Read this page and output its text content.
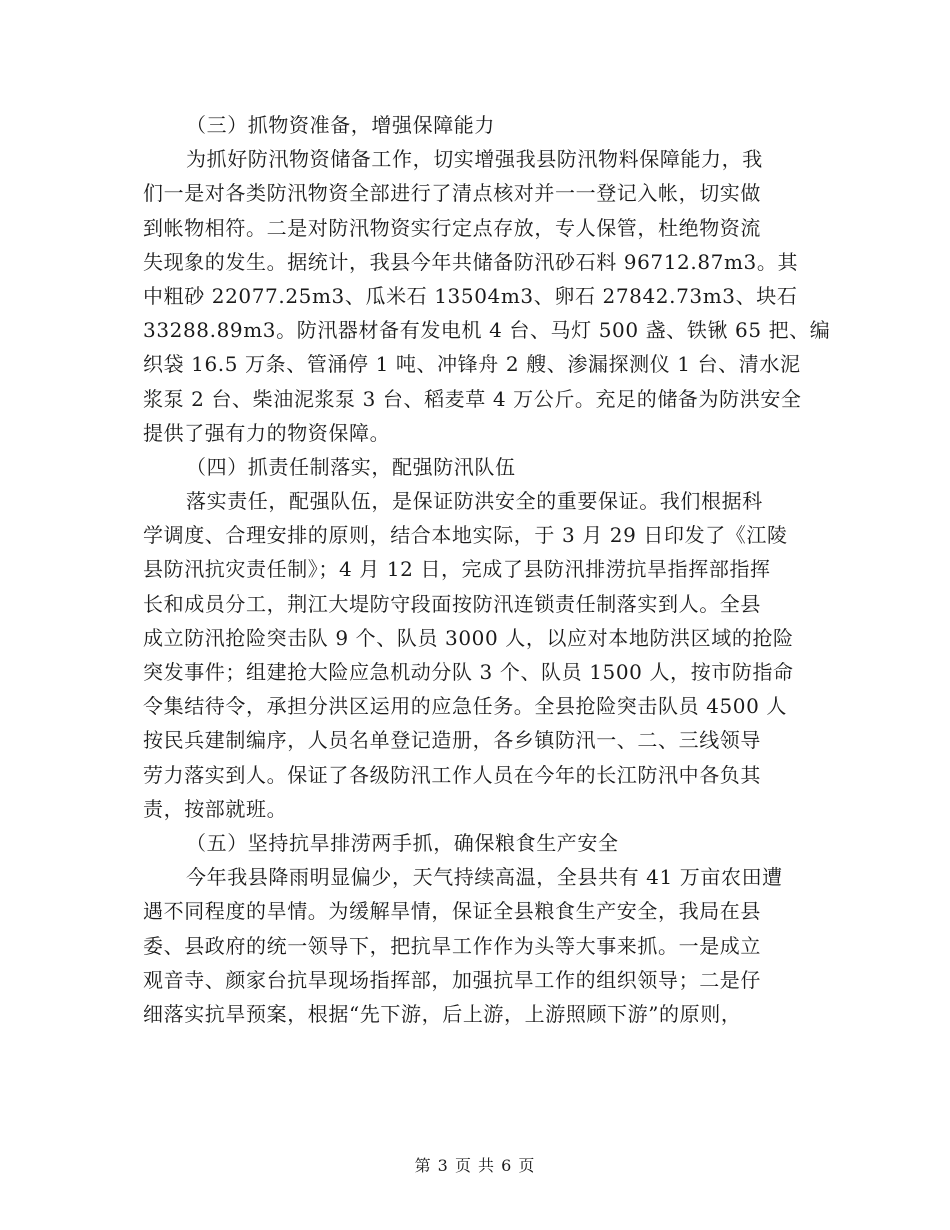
（三）抓物资准备，增强保障能力
为抓好防汛物资储备工作，切实增强我县防汛物料保障能力，我
们一是对各类防汛物资全部进行了清点核对并一一登记入帐，切实做
到帐物相符。二是对防汛物资实行定点存放，专人保管，杜绝物资流
失现象的发生。据统计，我县今年共储备防汛砂石料 96712.87m3。其
中粗砂 22077.25m3、瓜米石 13504m3、卵石 27842.73m3、块石
33288.89m3。防汛器材备有发电机 4 台、马灯 500 盏、铁锹 65 把、编
织袋 16.5 万条、管涌停 1 吨、冲锋舟 2 艘、渗漏探测仪 1 台、清水泥
浆泵 2 台、柴油泥浆泵 3 台、稻麦草 4 万公斤。充足的储备为防洪安全
提供了强有力的物资保障。
（四）抓责任制落实，配强防汛队伍
落实责任，配强队伍，是保证防洪安全的重要保证。我们根据科
学调度、合理安排的原则，结合本地实际，于 3 月 29 日印发了《江陵
县防汛抗灾责任制》；4 月 12 日，完成了县防汛排涝抗旱指挥部指挥
长和成员分工，荆江大堤防守段面按防汛连锁责任制落实到人。全县
成立防汛抢险突击队 9 个、队员 3000 人，以应对本地防洪区域的抢险
突发事件；组建抢大险应急机动分队 3 个、队员 1500 人，按市防指命
令集结待令，承担分洪区运用的应急任务。全县抢险突击队员 4500 人
按民兵建制编序，人员名单登记造册，各乡镇防汛一、二、三线领导
劳力落实到人。保证了各级防汛工作人员在今年的长江防汛中各负其
责，按部就班。
（五）坚持抗旱排涝两手抓，确保粮食生产安全
今年我县降雨明显偏少，天气持续高温，全县共有 41 万亩农田遭
遇不同程度的旱情。为缓解旱情，保证全县粮食生产安全，我局在县
委、县政府的统一领导下，把抗旱工作作为头等大事来抓。一是成立
观音寺、颜家台抗旱现场指挥部，加强抗旱工作的组织领导；二是仔
细落实抗旱预案，根据“先下游，后上游，上游照顾下游”的原则，
第 3 页 共 6 页
